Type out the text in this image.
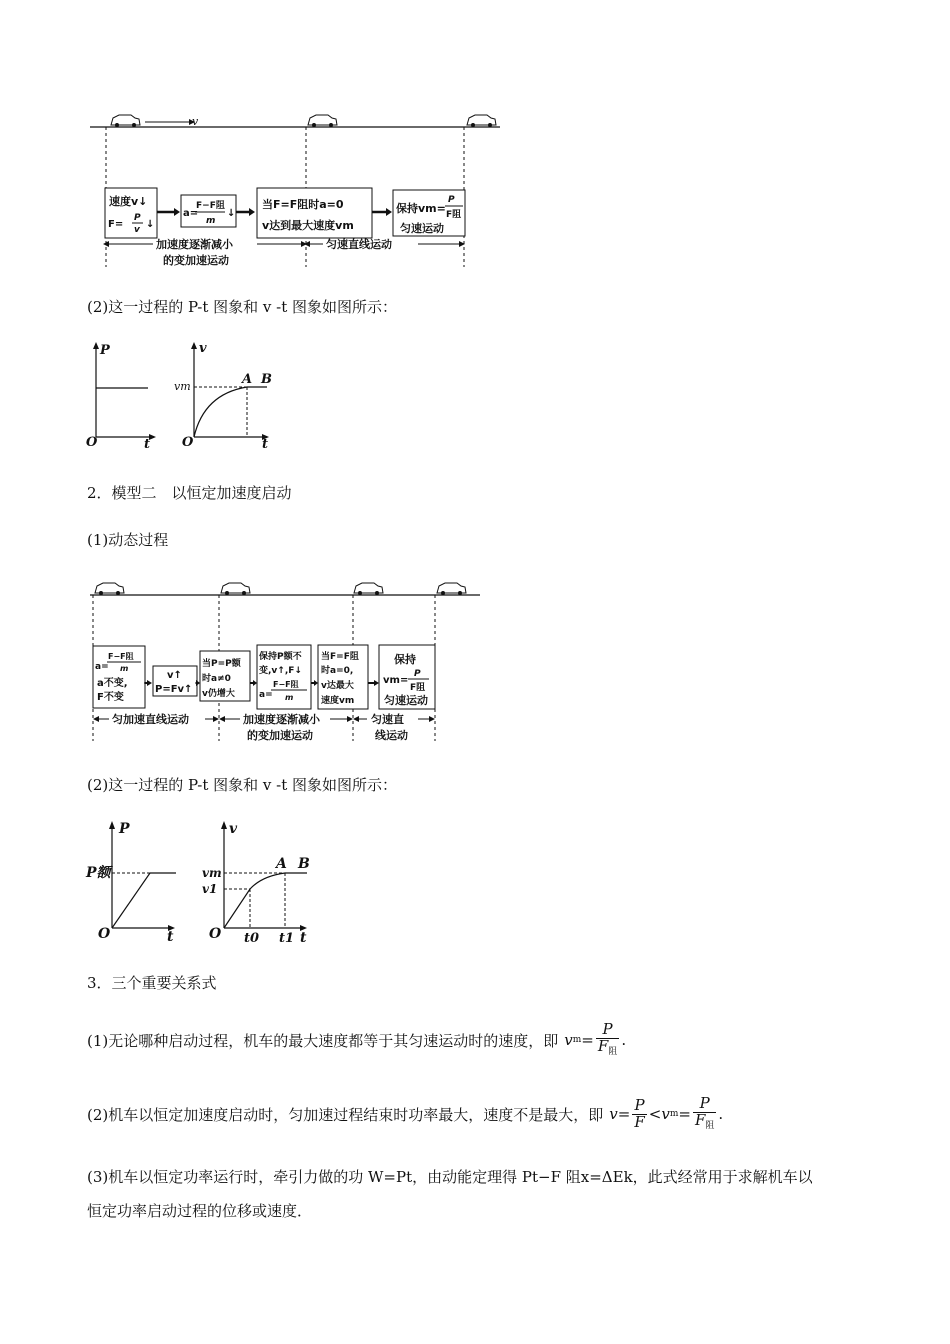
v
速度v↓
F=
P
v ↓
a=
F−F阻
m
↓
当F=F阻时a=0
v达到最大速度vm
保持vm=
P
F阻
匀速运动
加速度逐渐减小
的变加速运动
匀速直线运动
(2)这一过程的 P-t 图象和 v -t 图象如图所示：
P
O	t
v
vm	A B
O	t
2．模型二　以恒定加速度启动
(1)动态过程
a=
F−F阻
m
a不变,
F不变
v↑
P=Fv↑
当P=P额
时a≠0
v仍增大
保持P额不
变,v↑,F↓
a=
F−F阻
m
当F=F阻
时a=0,
v达最大
速度vm
保持
vm=
P
F阻
匀速运动
匀加速直线运动	加速度逐渐减小
的变加速运动
匀速直
线运动
(2)这一过程的 P-t 图象和 v -t 图象如图所示：
P
P额
O	t
v
vm
v1
A B
O t0 t1 t
3．三个重要关系式
(1)无论哪种启动过程，机车的最大速度都等于其匀速运动时的速度，即 v $m = \frac{P}{F_阻}$ .
(2)机车以恒定加速度启动时，匀加速过程结束时功率最大，速度不是最大，即 $v = \frac{P}{F} < v$ $m = \frac{P}{F_阻}$ .
(3)机车以恒定功率运行时，牵引力做的功 W=Pt，由动能定理得 Pt−F 阻x=ΔEk，此式经常用于求解机车以
恒定功率启动过程的位移或速度．
